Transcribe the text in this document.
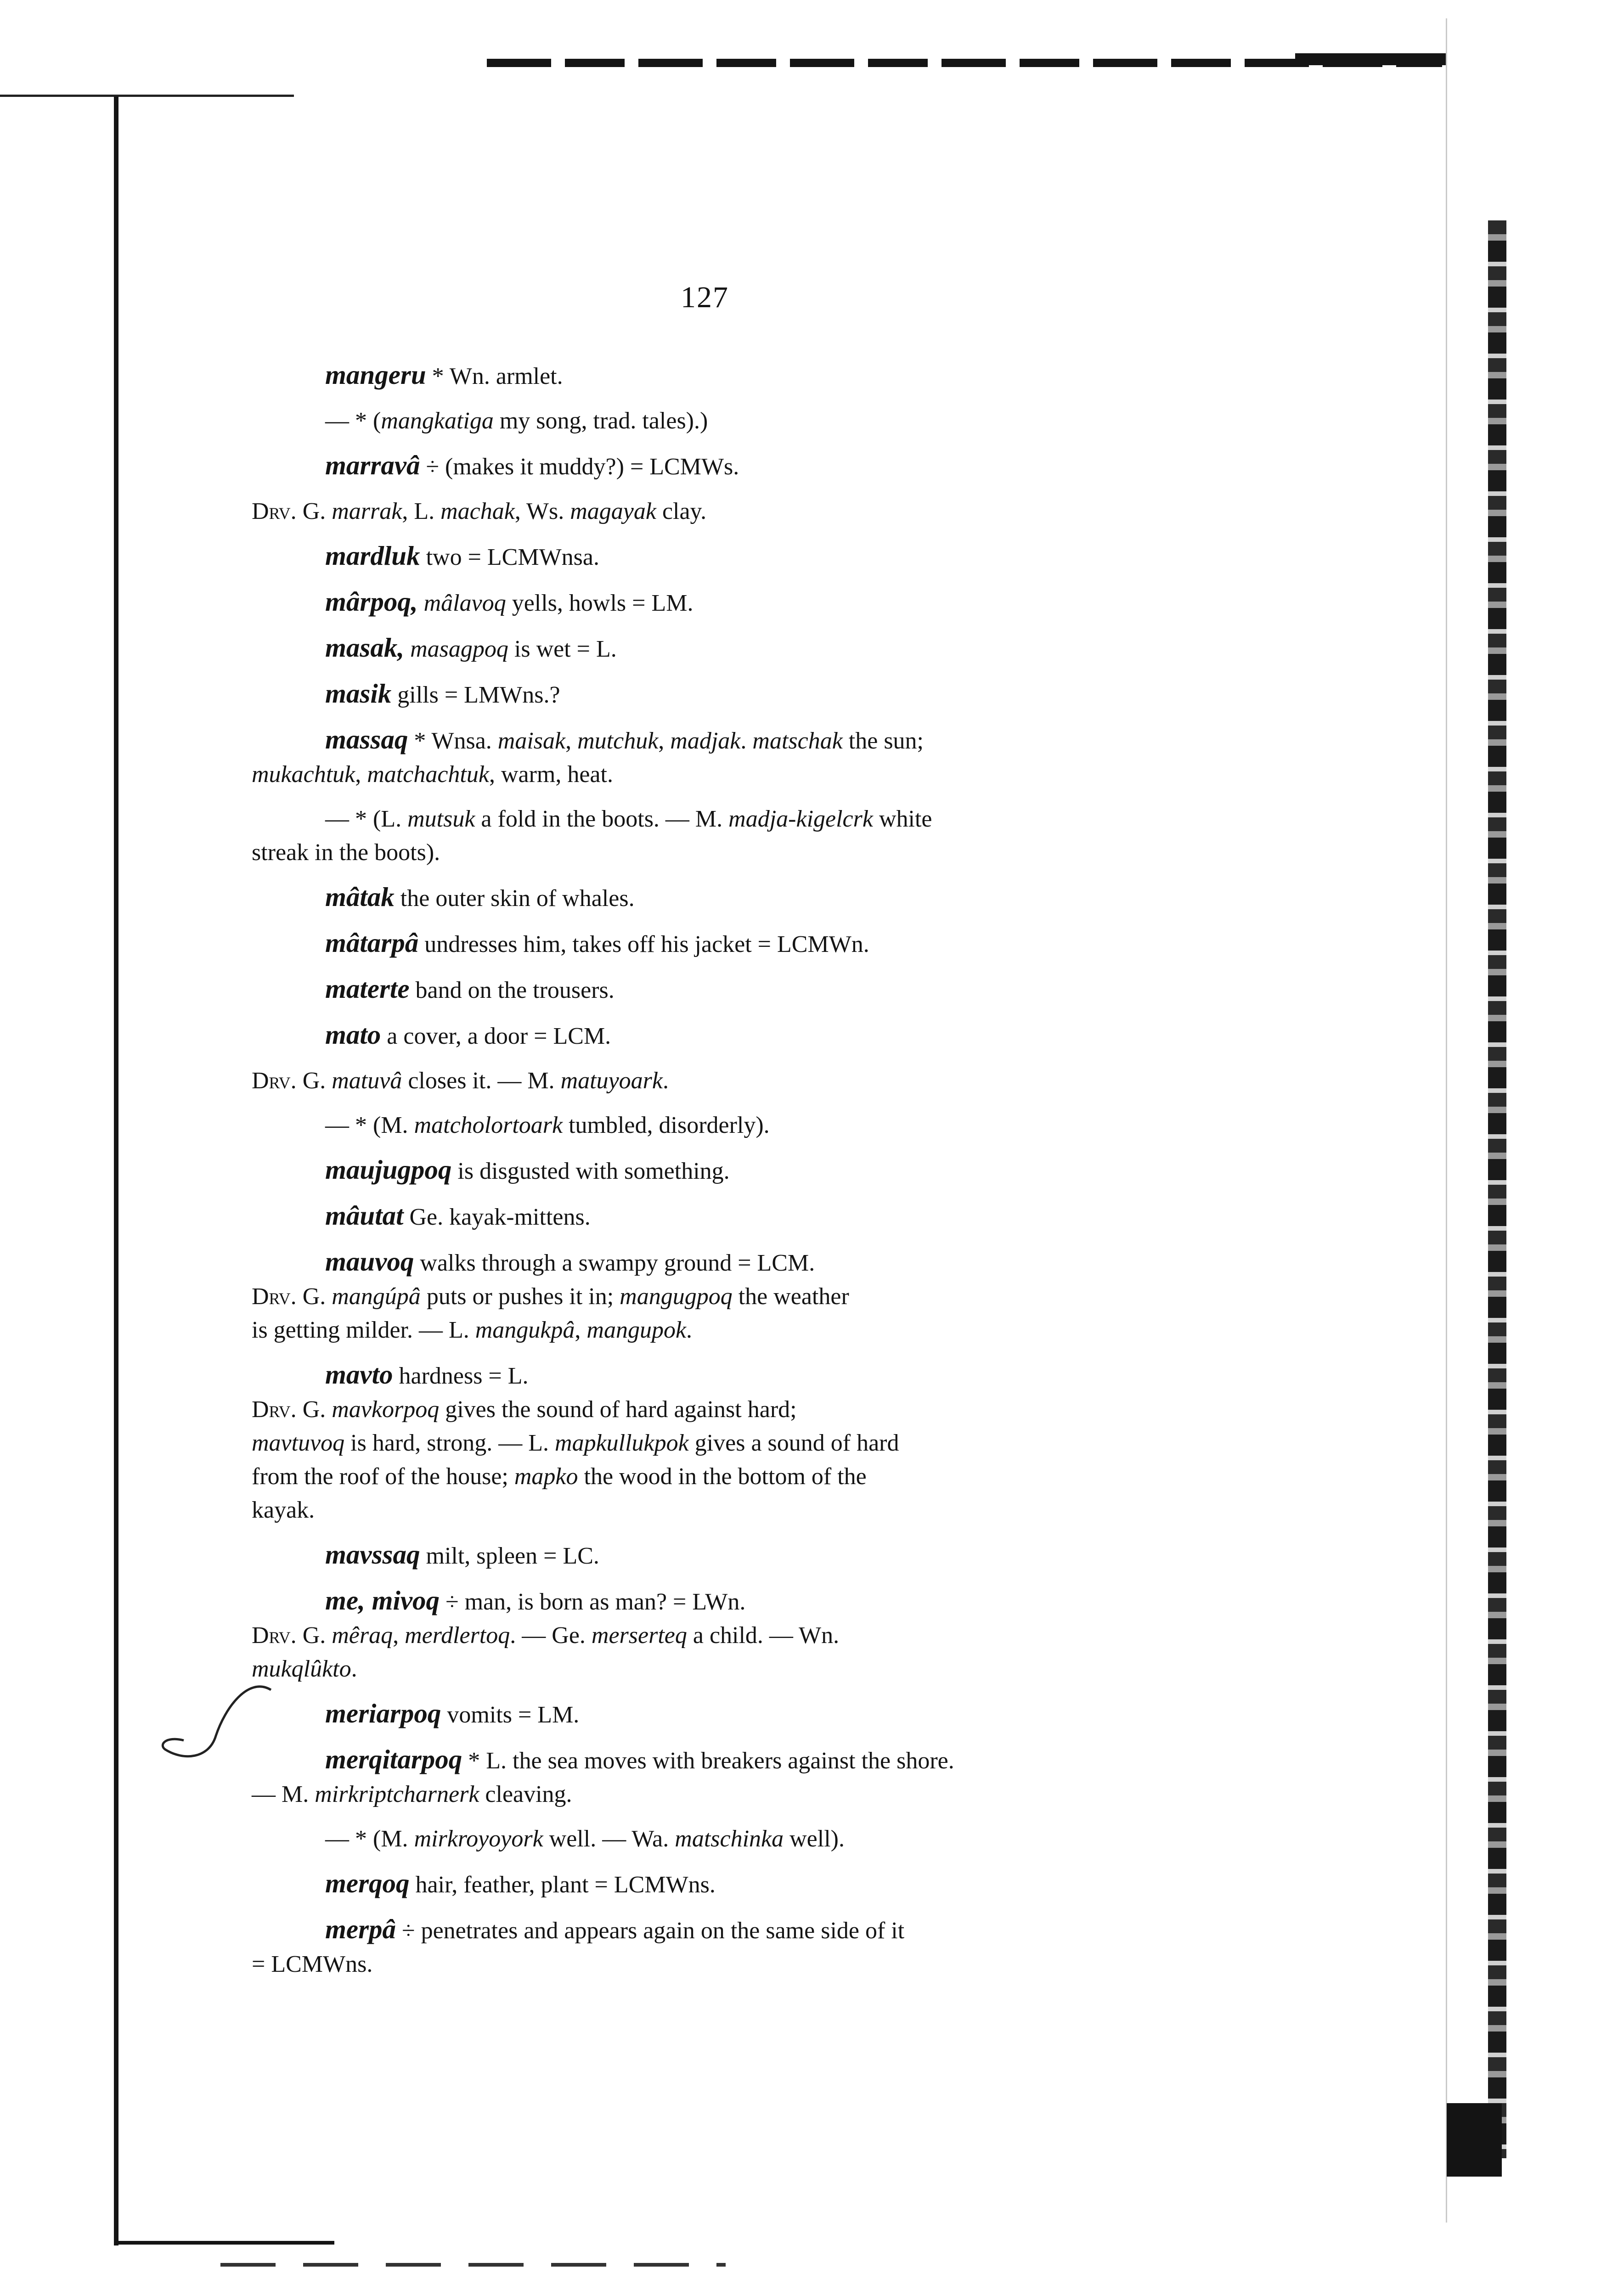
127
mangeru * Wn. armlet.
— * (mangkatiga my song, trad. tales).)
marravâ ÷ (makes it muddy?) = LCMWs.
Drv. G. marrak, L. machak, Ws. magayak clay.
mardluk two = LCMWnsa.
mârpoq, mâlavoq yells, howls = LM.
masak, masagpoq is wet = L.
masik gills = LMWns.?
massaq * Wnsa. maisak, mutchuk, madjak. matschak the sun;
mukachtuk, matchachtuk, warm, heat.
— * (L. mutsuk a fold in the boots. — M. madja-kigelcrk white
streak in the boots).
mâtak the outer skin of whales.
mâtarpâ undresses him, takes off his jacket = LCMWn.
materte band on the trousers.
mato a cover, a door = LCM.
Drv. G. matuvâ closes it. — M. matuyoark.
— * (M. matcholortoark tumbled, disorderly).
maujugpoq is disgusted with something.
mâutat Ge. kayak-mittens.
mauvoq walks through a swampy ground = LCM.
Drv. G. mangúpâ puts or pushes it in; mangugpoq the weather
is getting milder. — L. mangukpâ, mangupok.
mavto hardness = L.
Drv. G. mavkorpoq gives the sound of hard against hard;
mavtuvoq is hard, strong. — L. mapkullukpok gives a sound of hard
from the roof of the house; mapko the wood in the bottom of the
kayak.
mavssaq milt, spleen = LC.
me, mivoq ÷ man, is born as man? = LWn.
Drv. G. mêraq, merdlertoq. — Ge. merserteq a child. — Wn.
mukqlûkto.
meriarpoq vomits = LM.
merqitarpoq * L. the sea moves with breakers against the shore.
— M. mirkriptcharnerk cleaving.
— * (M. mirkroyoyork well. — Wa. matschinka well).
merqoq hair, feather, plant = LCMWns.
merpâ ÷ penetrates and appears again on the same side of it
= LCMWns.
